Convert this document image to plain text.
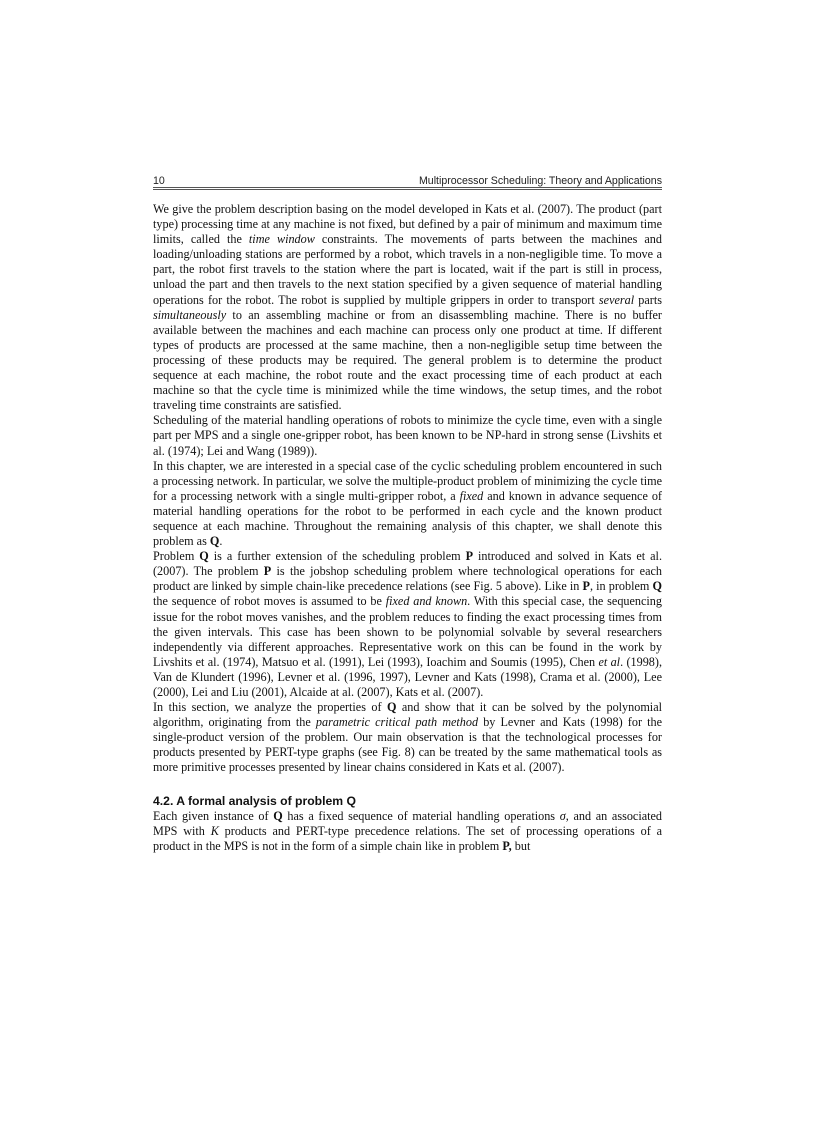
10	Multiprocessor Scheduling: Theory and Applications

We give the problem description basing on the model developed in Kats et al. (2007). The product (part type) processing time at any machine is not fixed, but defined by a pair of minimum and maximum time limits, called the time window constraints. The movements of parts between the machines and loading/unloading stations are performed by a robot, which travels in a non-negligible time. To move a part, the robot first travels to the station where the part is located, wait if the part is still in process, unload the part and then travels to the next station specified by a given sequence of material handling operations for the robot. The robot is supplied by multiple grippers in order to transport several parts simultaneously to an assembling machine or from an disassembling machine. There is no buffer available between the machines and each machine can process only one product at time. If different types of products are processed at the same machine, then a non-negligible setup time between the processing of these products may be required. The general problem is to determine the product sequence at each machine, the robot route and the exact processing time of each product at each machine so that the cycle time is minimized while the time windows, the setup times, and the robot traveling time constraints are satisfied.

Scheduling of the material handling operations of robots to minimize the cycle time, even with a single part per MPS and a single one-gripper robot, has been known to be NP-hard in strong sense (Livshits et al. (1974); Lei and Wang (1989)).

In this chapter, we are interested in a special case of the cyclic scheduling problem encountered in such a processing network. In particular, we solve the multiple-product problem of minimizing the cycle time for a processing network with a single multi-gripper robot, a fixed and known in advance sequence of material handling operations for the robot to be performed in each cycle and the known product sequence at each machine. Throughout the remaining analysis of this chapter, we shall denote this problem as Q.

Problem Q is a further extension of the scheduling problem P introduced and solved in Kats et al. (2007). The problem P is the jobshop scheduling problem where technological operations for each product are linked by simple chain-like precedence relations (see Fig. 5 above). Like in P, in problem Q the sequence of robot moves is assumed to be fixed and known. With this special case, the sequencing issue for the robot moves vanishes, and the problem reduces to finding the exact processing times from the given intervals. This case has been shown to be polynomial solvable by several researchers independently via different approaches. Representative work on this can be found in the work by Livshits et al. (1974), Matsuo et al. (1991), Lei (1993), Ioachim and Soumis (1995), Chen et al. (1998), Van de Klundert (1996), Levner et al. (1996, 1997), Levner and Kats (1998), Crama et al. (2000), Lee (2000), Lei and Liu (2001), Alcaide at al. (2007), Kats et al. (2007).

In this section, we analyze the properties of Q and show that it can be solved by the polynomial algorithm, originating from the parametric critical path method by Levner and Kats (1998) for the single-product version of the problem. Our main observation is that the technological processes for products presented by PERT-type graphs (see Fig. 8) can be treated by the same mathematical tools as more primitive processes presented by linear chains considered in Kats et al. (2007).

4.2. A formal analysis of problem Q

Each given instance of Q has a fixed sequence of material handling operations σ, and an associated MPS with K products and PERT-type precedence relations. The set of processing operations of a product in the MPS is not in the form of a simple chain like in problem P, but
